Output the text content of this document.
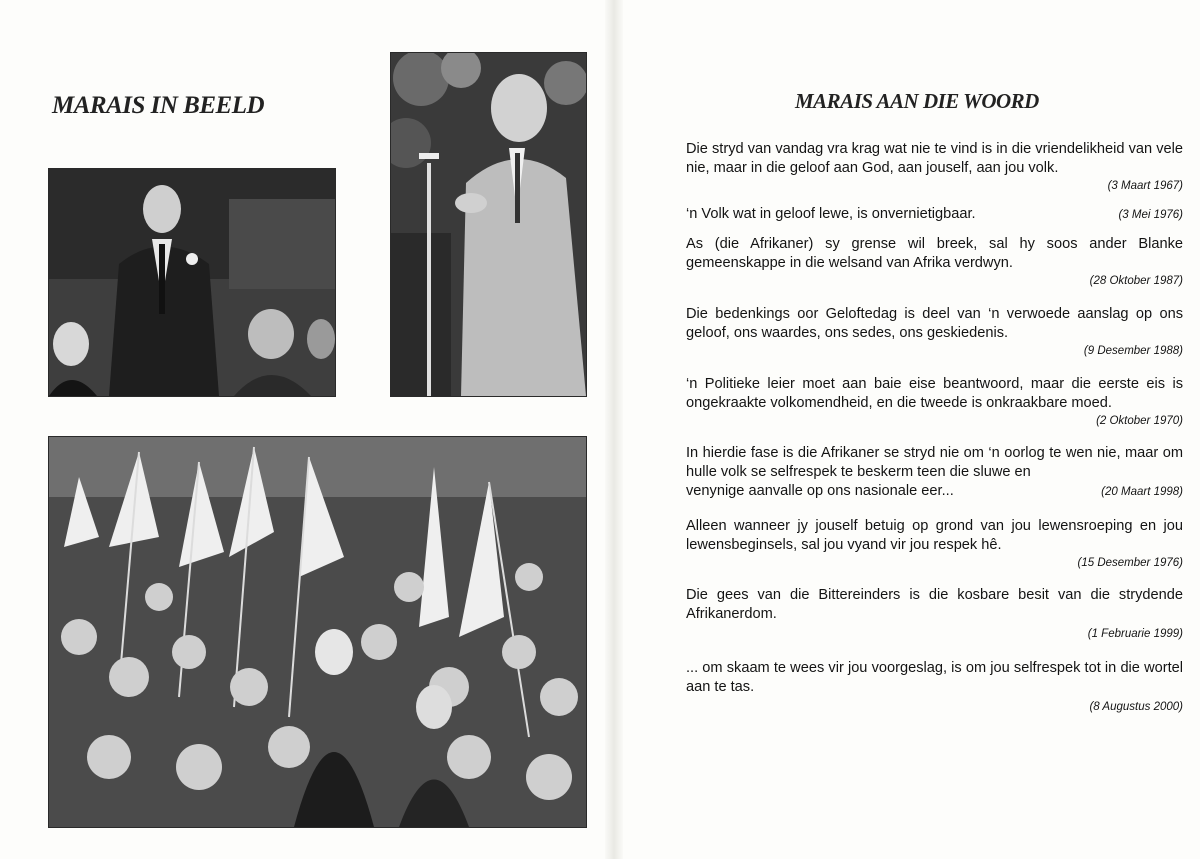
MARAIS IN BEELD	MARAIS AAN DIE WOORD

Die stryd van vandag vra krag wat nie te vind is in die vriendelikheid van vele nie, maar in die geloof aan God, aan jouself, aan jou volk.

(3 Maart 1967)

‘n Volk wat in geloof lewe, is onvernietigbaar.	(3 Mei 1976)

As (die Afrikaner) sy grense wil breek, sal hy soos ander Blanke gemeenskappe in die welsand van Afrika verdwyn.

(28 Oktober 1987)

Die bedenkings oor Geloftedag is deel van ‘n verwoede aanslag op ons geloof, ons waardes, ons sedes, ons geskiedenis.

(9 Desember 1988)

‘n Politieke leier moet aan baie eise beantwoord, maar die eerste eis is ongekraakte volkomendheid, en die tweede is onkraakbare moed.

(2 Oktober 1970)

In hierdie fase is die Afrikaner se stryd nie om ‘n oorlog te wen nie, maar om hulle volk se selfrespek te beskerm teen die sluwe en

venynige aanvalle op ons nasionale eer...	(20 Maart 1998)

Alleen wanneer jy jouself betuig op grond van jou lewensroeping en jou lewensbeginsels, sal jou vyand vir jou respek hê.

(15 Desember 1976)

Die gees van die Bittereinders is die kosbare besit van die strydende Afrikanerdom.

(1 Februarie 1999)

... om skaam te wees vir jou voorgeslag, is om jou selfrespek tot in die wortel aan te tas.

(8 Augustus 2000)
